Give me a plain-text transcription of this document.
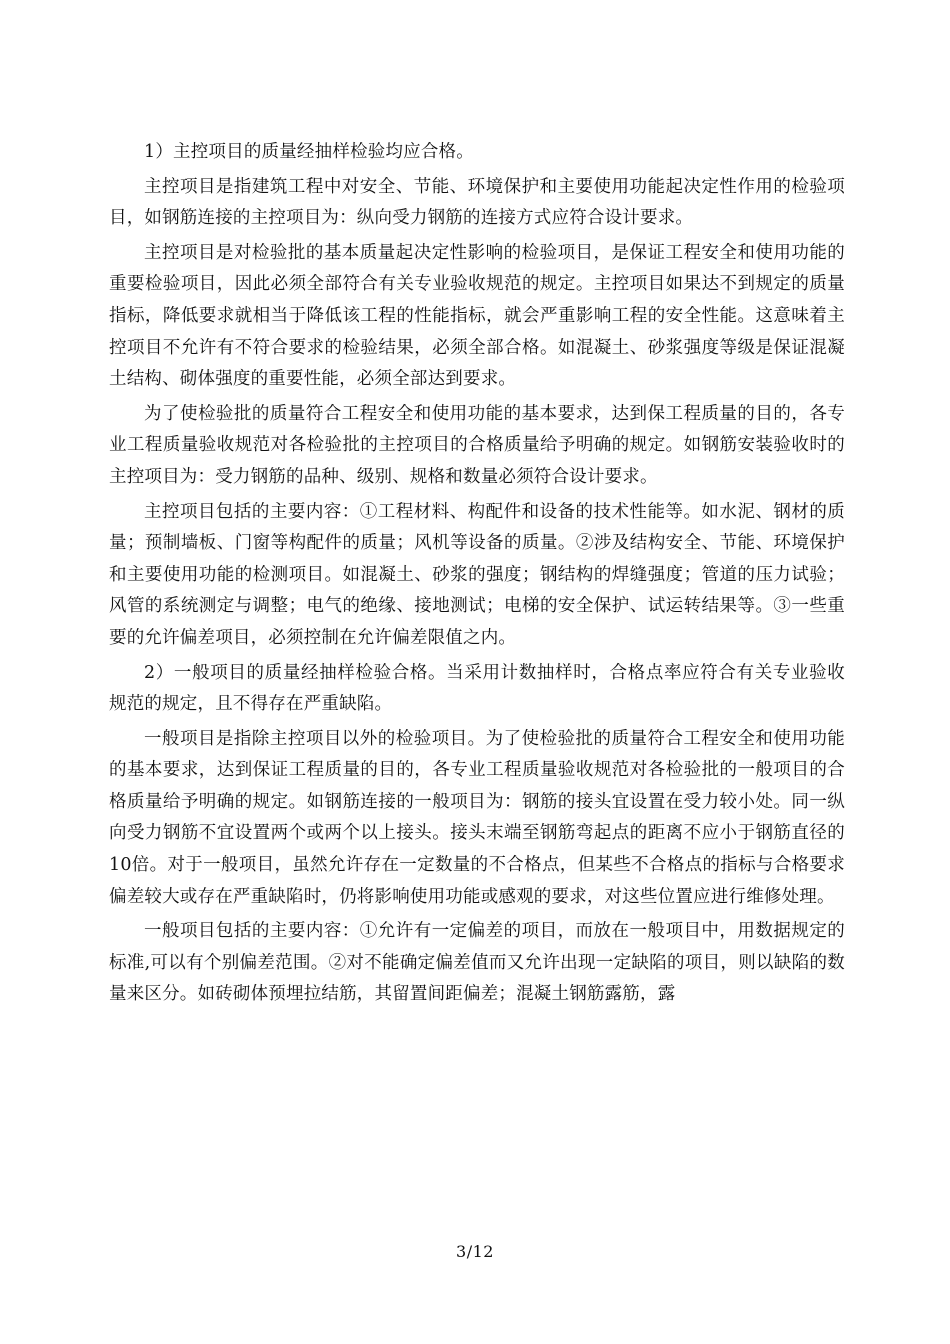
1）主控项目的质量经抽样检验均应合格。

主控项目是指建筑工程中对安全、节能、环境保护和主要使用功能起决定性作用的检验项目，如钢筋连接的主控项目为：纵向受力钢筋的连接方式应符合设计要求。

主控项目是对检验批的基本质量起决定性影响的检验项目，是保证工程安全和使用功能的重要检验项目，因此必须全部符合有关专业验收规范的规定。主控项目如果达不到规定的质量指标，降低要求就相当于降低该工程的性能指标，就会严重影响工程的安全性能。这意味着主控项目不允许有不符合要求的检验结果，必须全部合格。如混凝土、砂浆强度等级是保证混凝土结构、砌体强度的重要性能，必须全部达到要求。

为了使检验批的质量符合工程安全和使用功能的基本要求，达到保工程质量的目的，各专业工程质量验收规范对各检验批的主控项目的合格质量给予明确的规定。如钢筋安装验收时的主控项目为：受力钢筋的品种、级别、规格和数量必须符合设计要求。

主控项目包括的主要内容：①工程材料、构配件和设备的技术性能等。如水泥、钢材的质量；预制墙板、门窗等构配件的质量；风机等设备的质量。②涉及结构安全、节能、环境保护和主要使用功能的检测项目。如混凝土、砂浆的强度；钢结构的焊缝强度；管道的压力试验；风管的系统测定与调整；电气的绝缘、接地测试；电梯的安全保护、试运转结果等。③一些重要的允许偏差项目，必须控制在允许偏差限值之内。

2）一般项目的质量经抽样检验合格。当采用计数抽样时，合格点率应符合有关专业验收规范的规定，且不得存在严重缺陷。

一般项目是指除主控项目以外的检验项目。为了使检验批的质量符合工程安全和使用功能的基本要求，达到保证工程质量的目的，各专业工程质量验收规范对各检验批的一般项目的合格质量给予明确的规定。如钢筋连接的一般项目为：钢筋的接头宜设置在受力较小处。同一纵向受力钢筋不宜设置两个或两个以上接头。接头末端至钢筋弯起点的距离不应小于钢筋直径的10倍。对于一般项目，虽然允许存在一定数量的不合格点，但某些不合格点的指标与合格要求偏差较大或存在严重缺陷时，仍将影响使用功能或感观的要求，对这些位置应进行维修处理。

一般项目包括的主要内容：①允许有一定偏差的项目，而放在一般项目中，用数据规定的标准,可以有个别偏差范围。②对不能确定偏差值而又允许出现一定缺陷的项目，则以缺陷的数量来区分。如砖砌体预埋拉结筋，其留置间距偏差；混凝土钢筋露筋，露

3/12
